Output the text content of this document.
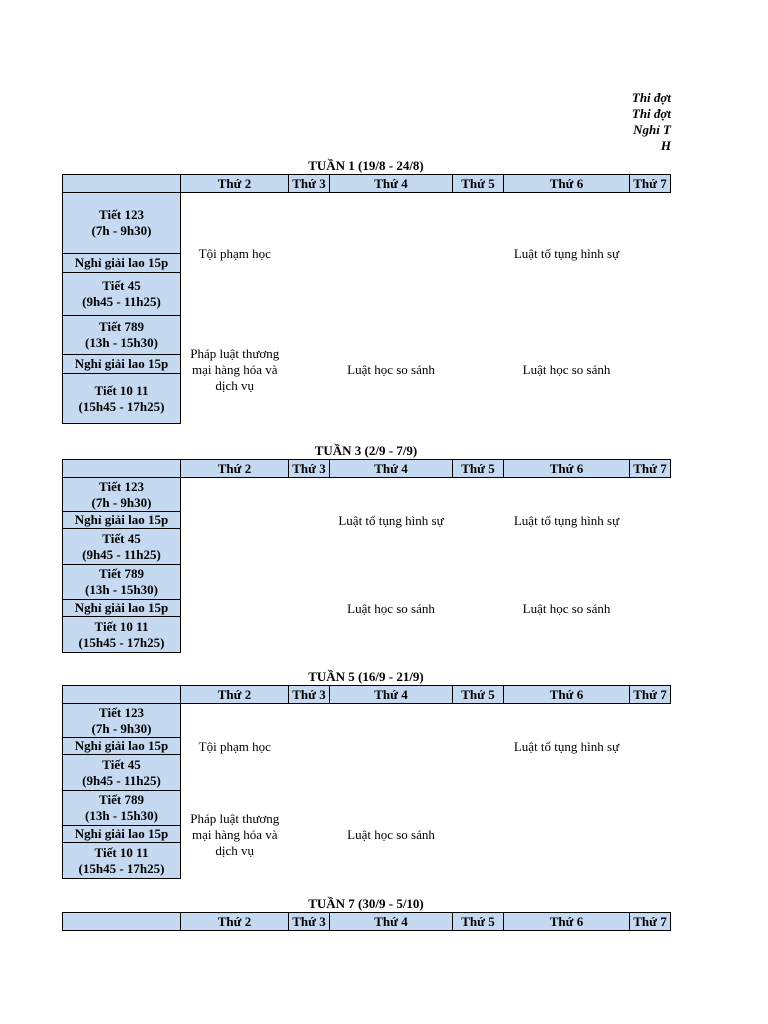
Thi đợt
Thi đợt
Nghỉ T
H
TUẦN 1 (19/8 - 24/8)
	Thứ 2	Thứ 3	Thứ 4	Thứ 5	Thứ 6	Thứ 7
Tiết 123
(7h - 9h30)	Tội phạm học				Luật tố tụng hình sự	
Nghỉ giải lao 15p						
Tiết 45
(9h45 - 11h25)						
Tiết 789
(13h - 15h30)	Pháp luật thương mại hàng hóa và dịch vụ		Luật học so sánh		Luật học so sánh	
Nghỉ giải lao 15p						
Tiết 10 11
(15h45 - 17h25)						
TUẦN 3 (2/9 - 7/9)
	Thứ 2	Thứ 3	Thứ 4	Thứ 5	Thứ 6	Thứ 7
Tiết 123
(7h - 9h30)			Luật tố tụng hình sự		Luật tố tụng hình sự	
Nghỉ giải lao 15p						
Tiết 45
(9h45 - 11h25)						
Tiết 789
(13h - 15h30)			Luật học so sánh		Luật học so sánh	
Nghỉ giải lao 15p						
Tiết 10 11
(15h45 - 17h25)						
TUẦN 5 (16/9 - 21/9)
	Thứ 2	Thứ 3	Thứ 4	Thứ 5	Thứ 6	Thứ 7
Tiết 123
(7h - 9h30)	Tội phạm học				Luật tố tụng hình sự	
Nghỉ giải lao 15p						
Tiết 45
(9h45 - 11h25)						
Tiết 789
(13h - 15h30)	Pháp luật thương mại hàng hóa và dịch vụ		Luật học so sánh			
Nghỉ giải lao 15p						
Tiết 10 11
(15h45 - 17h25)						
TUẦN 7 (30/9 - 5/10)
	Thứ 2	Thứ 3	Thứ 4	Thứ 5	Thứ 6	Thứ 7
